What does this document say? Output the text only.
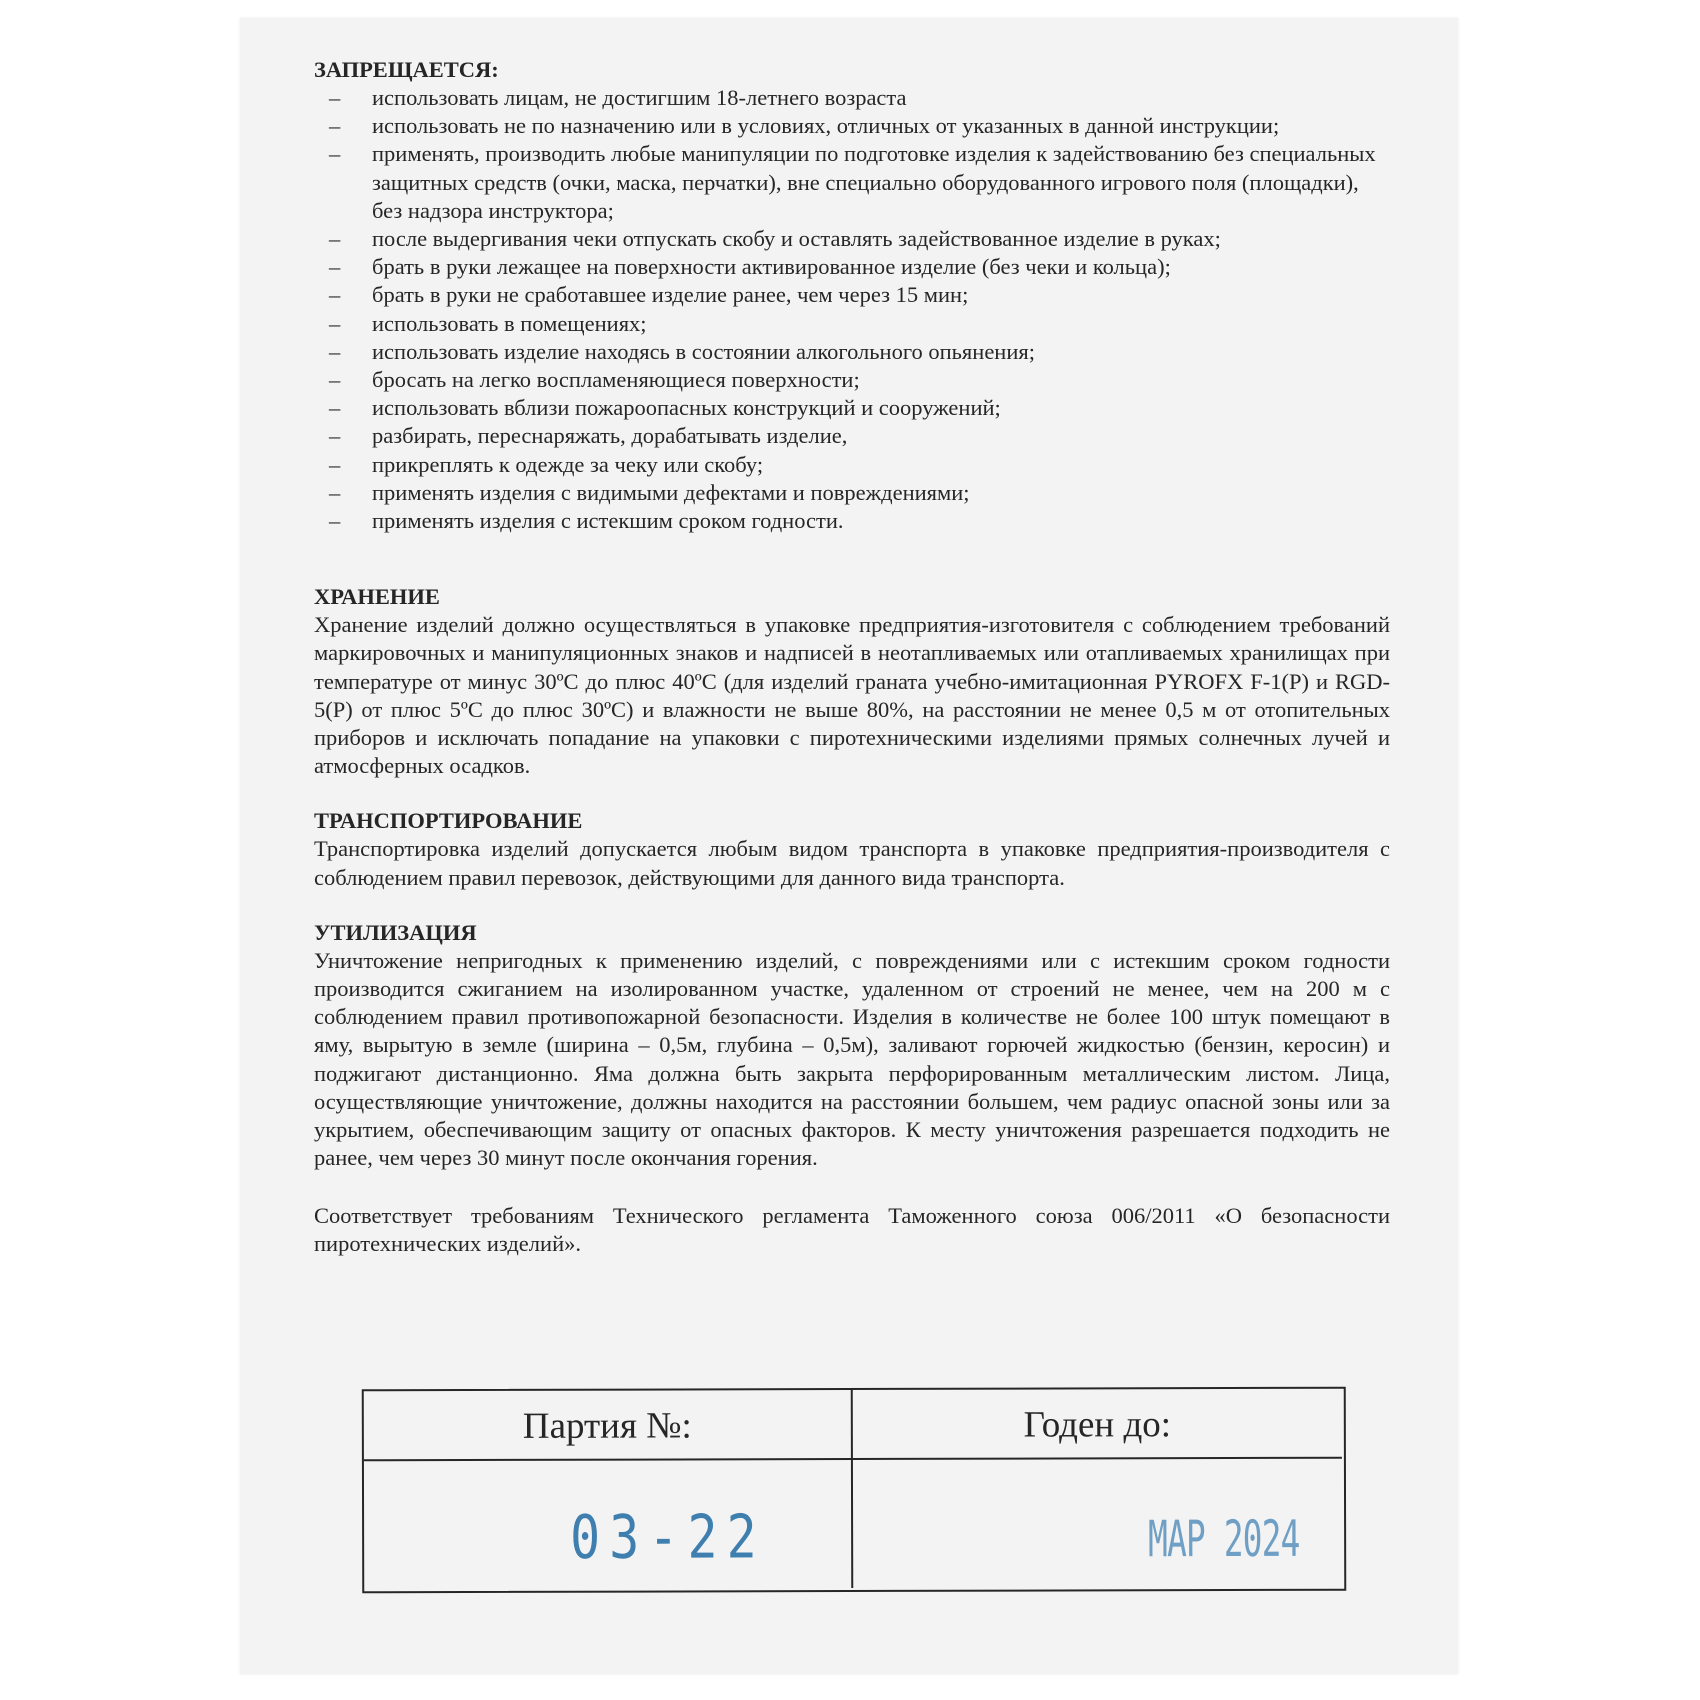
ЗАПРЕЩАЕТСЯ:
– использовать лицам, не достигшим 18-летнего возраста
– использовать не по назначению или в условиях, отличных от указанных в данной инструкции;
– применять, производить любые манипуляции по подготовке изделия к задействованию без специальных защитных средств (очки, маска, перчатки), вне специально оборудованного игрового поля (площадки), без надзора инструктора;
– после выдергивания чеки отпускать скобу и оставлять задействованное изделие в руках;
– брать в руки лежащее на поверхности активированное изделие (без чеки и кольца);
– брать в руки не сработавшее изделие ранее, чем через 15 мин;
– использовать в помещениях;
– использовать изделие находясь в состоянии алкогольного опьянения;
– бросать на легко воспламеняющиеся поверхности;
– использовать вблизи пожароопасных конструкций и сооружений;
– разбирать, переснаряжать, дорабатывать изделие,
– прикреплять к одежде за чеку или скобу;
– применять изделия с видимыми дефектами и повреждениями;
– применять изделия с истекшим сроком годности.
ХРАНЕНИЕ

Хранение изделий должно осуществляться в упаковке предприятия-изготовителя с соблюдением требований маркировочных и манипуляционных знаков и надписей в неотапливаемых или отапливаемых хранилищах при температуре от минус 30ºС до плюс 40ºС (для изделий граната учебно-имитационная PYROFX F-1(Р) и RGD-5(Р) от плюс 5ºС до плюс 30ºС) и влажности не выше 80%, на расстоянии не менее 0,5 м от отопительных приборов и исключать попадание на упаковки с пиротехническими изделиями прямых солнечных лучей и атмосферных осадков.

ТРАНСПОРТИРОВАНИЕ

Транспортировка изделий допускается любым видом транспорта в упаковке предприятия-производителя с соблюдением правил перевозок, действующими для данного вида транспорта.

УТИЛИЗАЦИЯ

Уничтожение непригодных к применению изделий, с повреждениями или с истекшим сроком годности производится сжиганием на изолированном участке, удаленном от строений не менее, чем на 200 м с соблюдением правил противопожарной безопасности. Изделия в количестве не более 100 штук помещают в яму, вырытую в земле (ширина – 0,5м, глубина – 0,5м), заливают горючей жидкостью (бензин, керосин) и поджигают дистанционно. Яма должна быть закрыта перфорированным металлическим листом. Лица, осуществляющие уничтожение, должны находится на расстоянии большем, чем радиус опасной зоны или за укрытием, обеспечивающим защиту от опасных факторов. К месту уничтожения разрешается подходить не ранее, чем через 30 минут после окончания горения.

Соответствует требованиям Технического регламента Таможенного союза 006/2011 «О безопасности пиротехнических изделий».

Партия №:	Годен до:
03-22	МАР 2024
